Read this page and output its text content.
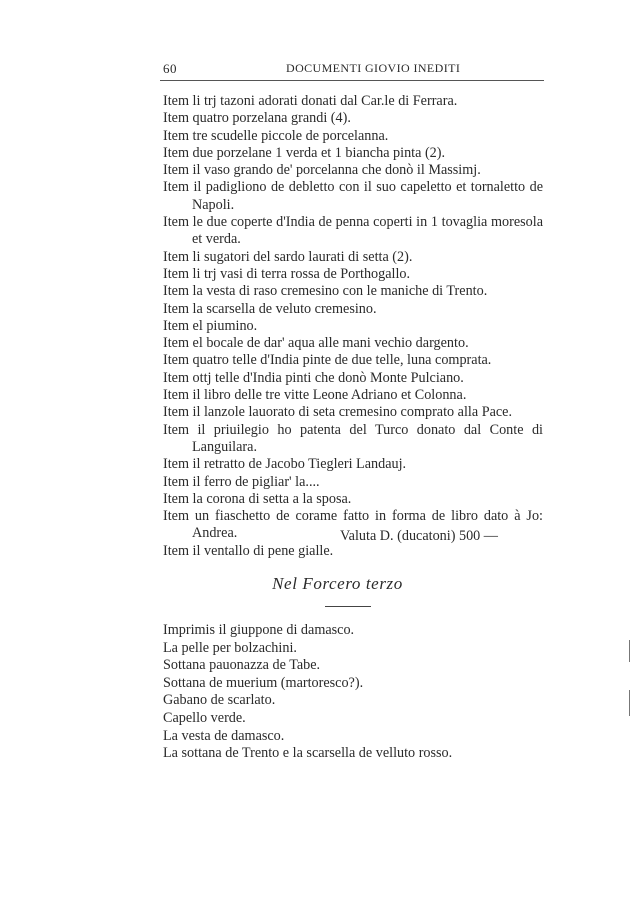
60	DOCUMENTI GIOVIO INEDITI
Item li trj tazoni adorati donati dal Car.le di Ferrara.
Item quatro porzelana grandi (4).
Item tre scudelle piccole de porcelanna.
Item due porzelane 1 verda et 1 biancha pinta (2).
Item il vaso grando de' porcelanna che donò il Massimj.
Item il padigliono de debletto con il suo capeletto et tornaletto de Napoli.
Item le due coperte d'India de penna coperti in 1 tovaglia moresola et verda.
Item li sugatori del sardo laurati di setta (2).
Item li trj vasi di terra rossa de Porthogallo.
Item la vesta di raso cremesino con le maniche di Trento.
Item la scarsella de veluto cremesino.
Item el piumino.
Item el bocale de dar' aqua alle mani vechio dargento.
Item quatro telle d'India pinte de due telle, luna comprata.
Item ottj telle d'India pinti che donò Monte Pulciano.
Item il libro delle tre vitte Leone Adriano et Colonna.
Item il lanzole lauorato di seta cremesino comprato alla Pace.
Item il priuilegio ho patenta del Turco donato dal Conte di Languilara.
Item il retratto de Jacobo Tiegleri Landauj.
Item il ferro de pigliar' la....
Item la corona di setta a la sposa.
Item un fiaschetto de corame fatto in forma de libro dato à Jo: Andrea.
Item il ventallo di pene gialle.
Valuta D. (ducatoni) 500 —
Nel Forcero terzo
Imprimis il giuppone di damasco.
La pelle per bolzachini.
Sottana pauonazza de Tabe.
Sottana de muerium (martoresco?).
Gabano de scarlato.
Capello verde.
La vesta de damasco.
La sottana de Trento e la scarsella de velluto rosso.
